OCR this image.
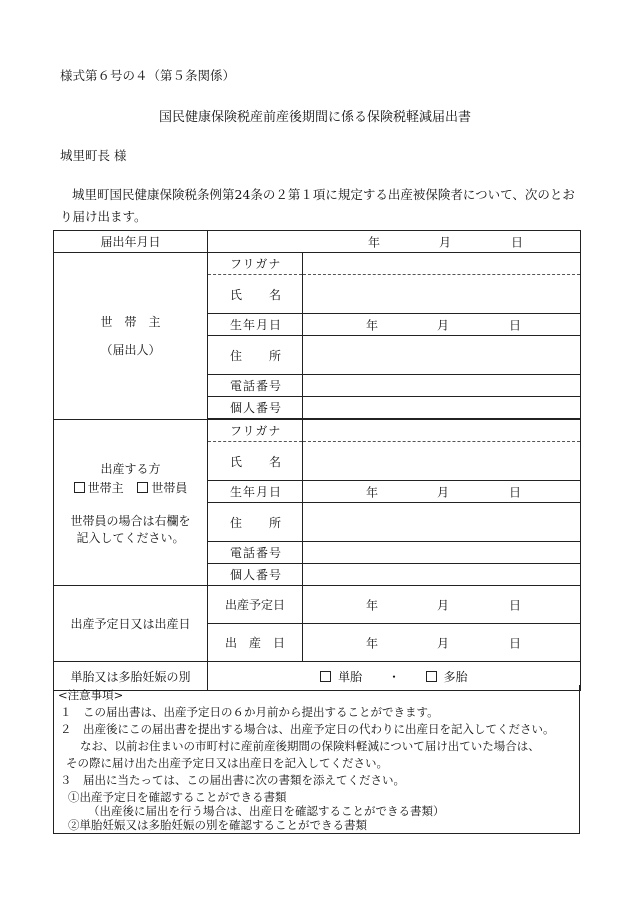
様式第６号の４（第５条関係）
国民健康保険税産前産後期間に係る保険税軽減届出書
城里町長 様
城里町国民健康保険税条例第24条の２第１項に規定する出産被保険者について、次のとおり届け出ます。
届出年月日	年 月 日	

世　帯　主
（届出人）	フリガナ	
	氏　　名	
	生年月日	年 月 日

	住　　所	
	電話番号	
	個人番号	

出産する方
世帯主 世帯員
世帯員の場合は右欄を
記入してください。	フリガナ	
	氏　　名	
	生年月日	年 月 日

	住　　所	
	電話番号	
	個人番号	
出産予定日又は出産日	出産予定日	年 月 日

	出　産　日	年 月 日

単胎又は多胎妊娠の別	単胎 ・ 多胎	
<注意事項>
１　この届出書は、出産予定日の６か月前から提出することができます。
２　出産後にこの届出書を提出する場合は、出産予定日の代わりに出産日を記入してください。
なお、以前お住まいの市町村に産前産後期間の保険料軽減について届け出ていた場合は、
その際に届け出た出産予定日又は出産日を記入してください。
３　届出に当たっては、この届出書に次の書類を添えてください。
①出産予定日を確認することができる書類
（出産後に届出を行う場合は、出産日を確認することができる書類）
②単胎妊娠又は多胎妊娠の別を確認することができる書類
